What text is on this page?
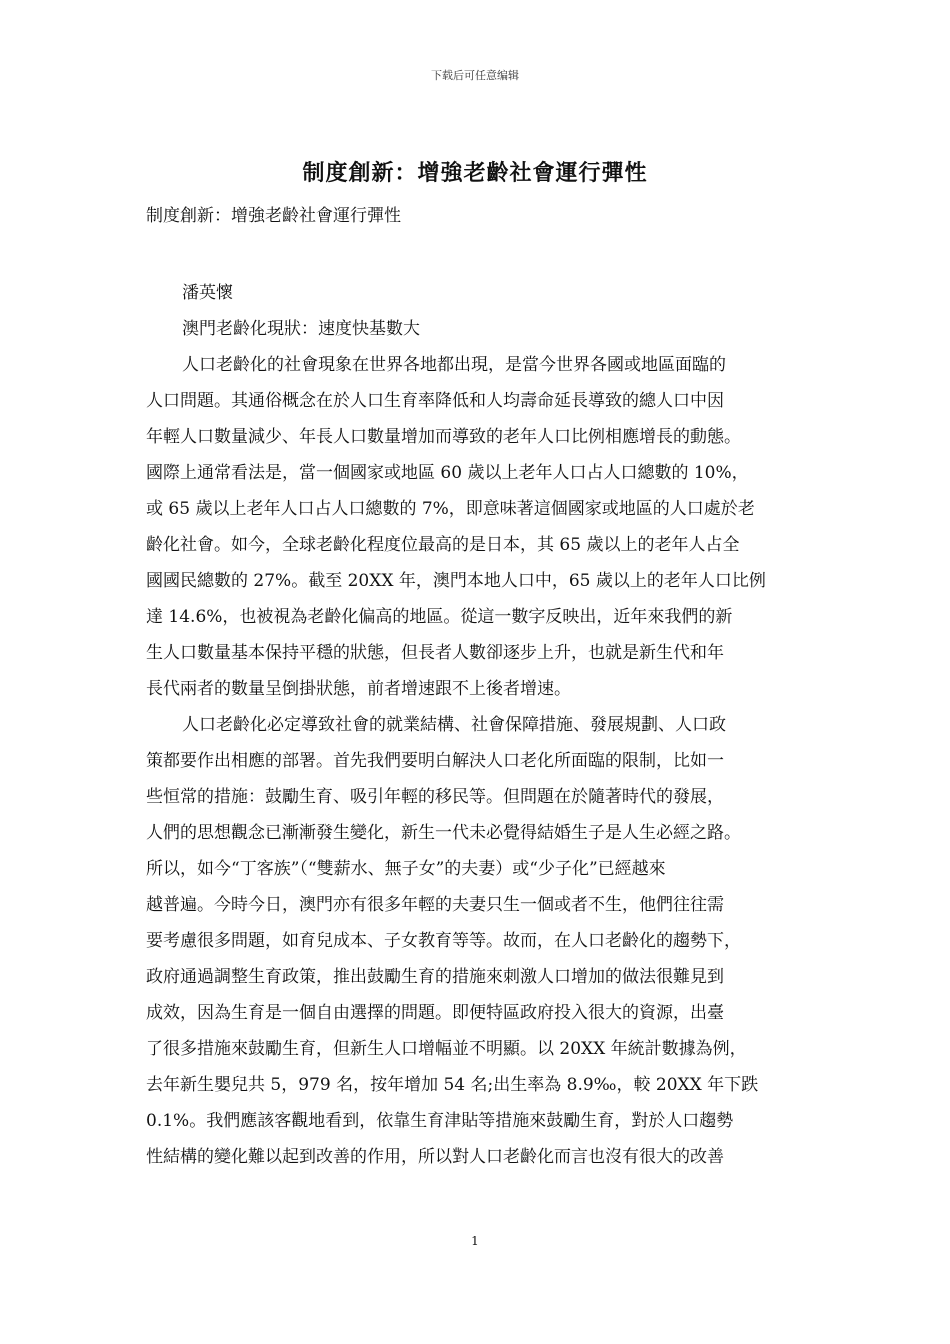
下载后可任意编辑
制度創新：增強老齡社會運行彈性
制度創新：增強老齡社會運行彈性
潘英懷
澳門老齡化現狀：速度快基數大
人口老齡化的社會現象在世界各地都出現，是當今世界各國或地區面臨的
人口問題。其通俗概念在於人口生育率降低和人均壽命延長導致的總人口中因
年輕人口數量減少、年長人口數量增加而導致的老年人口比例相應增長的動態。
國際上通常看法是，當一個國家或地區 60 歲以上老年人口占人口總數的 10%，
或 65 歲以上老年人口占人口總數的 7%，即意味著這個國家或地區的人口處於老
齡化社會。如今，全球老齡化程度位最高的是日本，其 65 歲以上的老年人占全
國國民總數的 27%。截至 20XX 年，澳門本地人口中，65 歲以上的老年人口比例
達 14.6%，也被視為老齡化偏高的地區。從這一數字反映出，近年來我們的新
生人口數量基本保持平穩的狀態，但長者人數卻逐步上升，也就是新生代和年
長代兩者的數量呈倒掛狀態，前者增速跟不上後者增速。
人口老齡化必定導致社會的就業結構、社會保障措施、發展規劃、人口政
策都要作出相應的部署。首先我們要明白解決人口老化所面臨的限制，比如一
些恒常的措施：鼓勵生育、吸引年輕的移民等。但問題在於隨著時代的發展，
人們的思想觀念已漸漸發生變化，新生一代未必覺得結婚生子是人生必經之路。
所以，如今“丁客族”（“雙薪水、無子女”的夫妻）或“少子化”已經越來
越普遍。今時今日，澳門亦有很多年輕的夫妻只生一個或者不生，他們往往需
要考慮很多問題，如育兒成本、子女教育等等。故而，在人口老齡化的趨勢下，
政府通過調整生育政策，推出鼓勵生育的措施來刺激人口增加的做法很難見到
成效，因為生育是一個自由選擇的問題。即便特區政府投入很大的資源，出臺
了很多措施來鼓勵生育，但新生人口增幅並不明顯。以 20XX 年統計數據為例，
去年新生嬰兒共 5，979 名，按年增加 54 名;出生率為 8.9‰，較 20XX 年下跌
0.1%。我們應該客觀地看到，依靠生育津貼等措施來鼓勵生育，對於人口趨勢
性結構的變化難以起到改善的作用，所以對人口老齡化而言也沒有很大的改善
1
